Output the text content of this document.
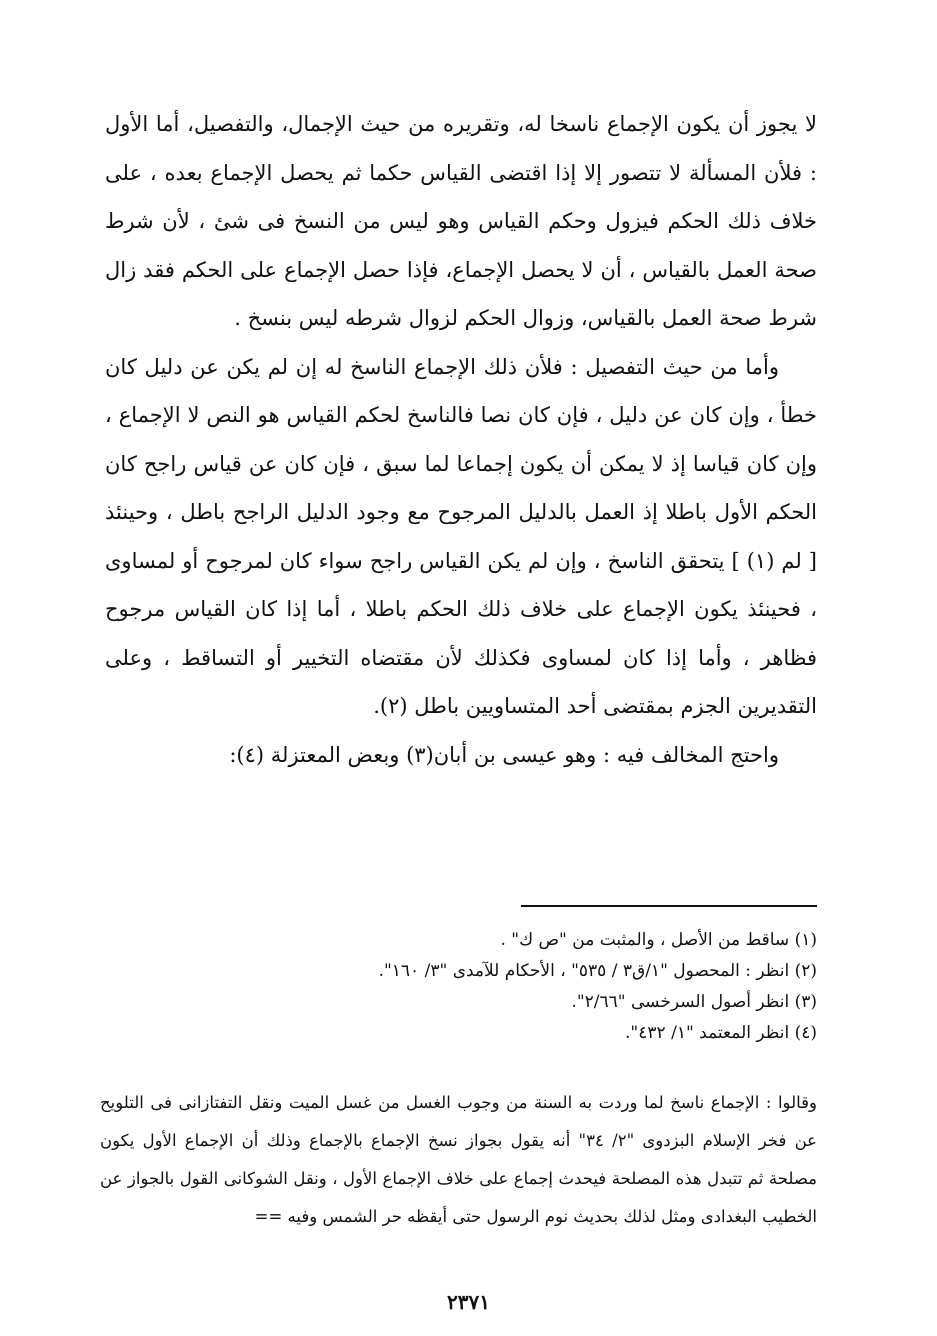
لا يجوز أن يكون الإجماع ناسخا له، وتقريره من حيث الإجمال، والتفصيل، أما الأول : فلأن المسألة لا تتصور إلا إذا اقتضى القياس حكما ثم يحصل الإجماع بعده ، على خلاف ذلك الحكم فيزول وحكم القياس وهو ليس من النسخ فى شئ ، لأن شرط صحة العمل بالقياس ، أن لا يحصل الإجماع، فإذا حصل الإجماع على الحكم فقد زال شرط صحة العمل بالقياس، وزوال الحكم لزوال شرطه ليس بنسخ .

وأما من حيث التفصيل : فلأن ذلك الإجماع الناسخ له إن لم يكن عن دليل كان خطأ ، وإن كان عن دليل ، فإن كان نصا فالناسخ لحكم القياس هو النص لا الإجماع ، وإن كان قياسا إذ لا يمكن أن يكون إجماعا لما سبق ، فإن كان عن قياس راجح كان الحكم الأول باطلا إذ العمل بالدليل المرجوح مع وجود الدليل الراجح باطل ، وحينئذ [ لم (١) ] يتحقق الناسخ ، وإن لم يكن القياس راجح سواء كان لمرجوح أو لمساوى ، فحينئذ يكون الإجماع على خلاف ذلك الحكم باطلا ، أما إذا كان القياس مرجوح فظاهر ، وأما إذا كان لمساوى فكذلك لأن مقتضاه التخيير أو التساقط ، وعلى التقديرين الجزم بمقتضى أحد المتساويين باطل (٢).

واحتج المخالف فيه : وهو عيسى بن أبان(٣) وبعض المعتزلة (٤):

(١) ساقط من الأصل ، والمثبت من "ص ك" .

(٢) انظر : المحصول "١/ق٣ / ٥٣٥" ، الأحكام للآمدى "٣/ ١٦٠".

(٣) انظر أصول السرخسى "٢/٦٦".

(٤) انظر المعتمد "١/ ٤٣٢".

وقالوا : الإجماع ناسخ لما وردت به السنة من وجوب الغسل من غسل الميت ونقل التفتازانى فى التلويح عن فخر الإسلام البزدوى "٢/ ٣٤" أنه يقول بجواز نسخ الإجماع بالإجماع وذلك أن الإجماع الأول يكون مصلحة ثم تتبدل هذه المصلحة فيحدث إجماع على خلاف الإجماع الأول ، ونقل الشوكانى القول بالجواز عن الخطيب البغدادى ومثل لذلك بحديث نوم الرسول حتى أيقظه حر الشمس وفيه ==
٢٣٧١
